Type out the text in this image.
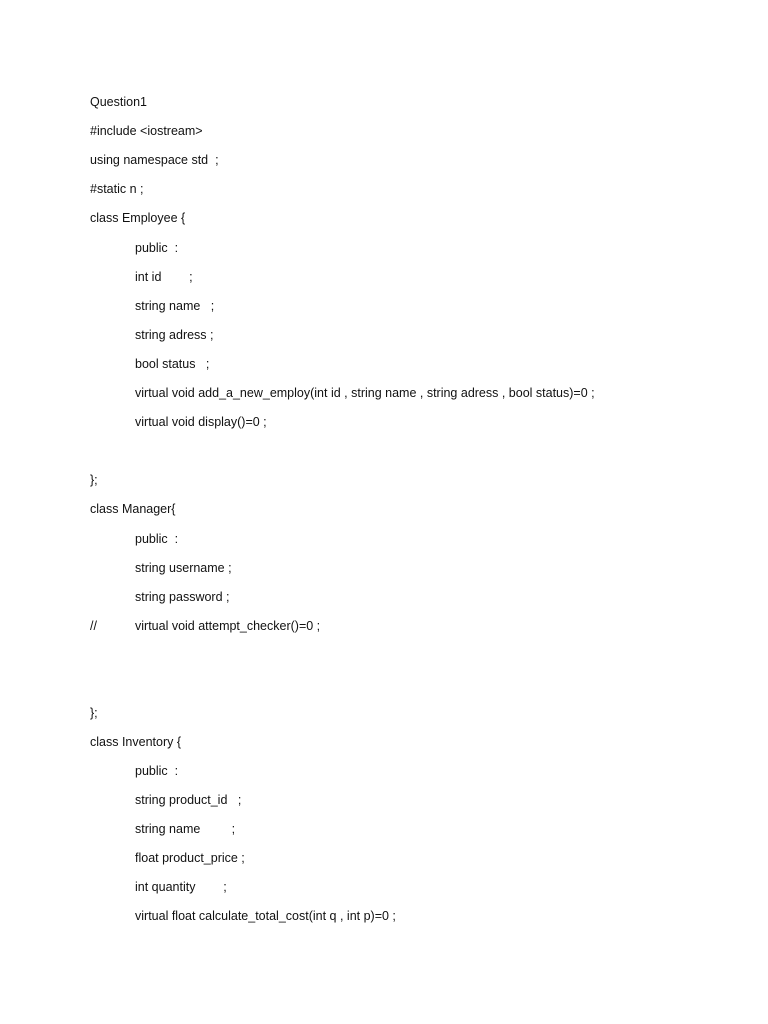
Question1
#include <iostream>
using namespace std  ;
#static n ;
class Employee {
public  :
int id        ;
string name   ;
string adress ;
bool status   ;
virtual void add_a_new_employ(int id , string name , string adress , bool status)=0 ;
virtual void display()=0 ;
};
class Manager{
public  :
string username ;
string password ;
//	virtual void attempt_checker()=0 ;
};
class Inventory {
public  :
string product_id   ;
string name         ;
float product_price ;
int quantity        ;
virtual float calculate_total_cost(int q , int p)=0 ;
